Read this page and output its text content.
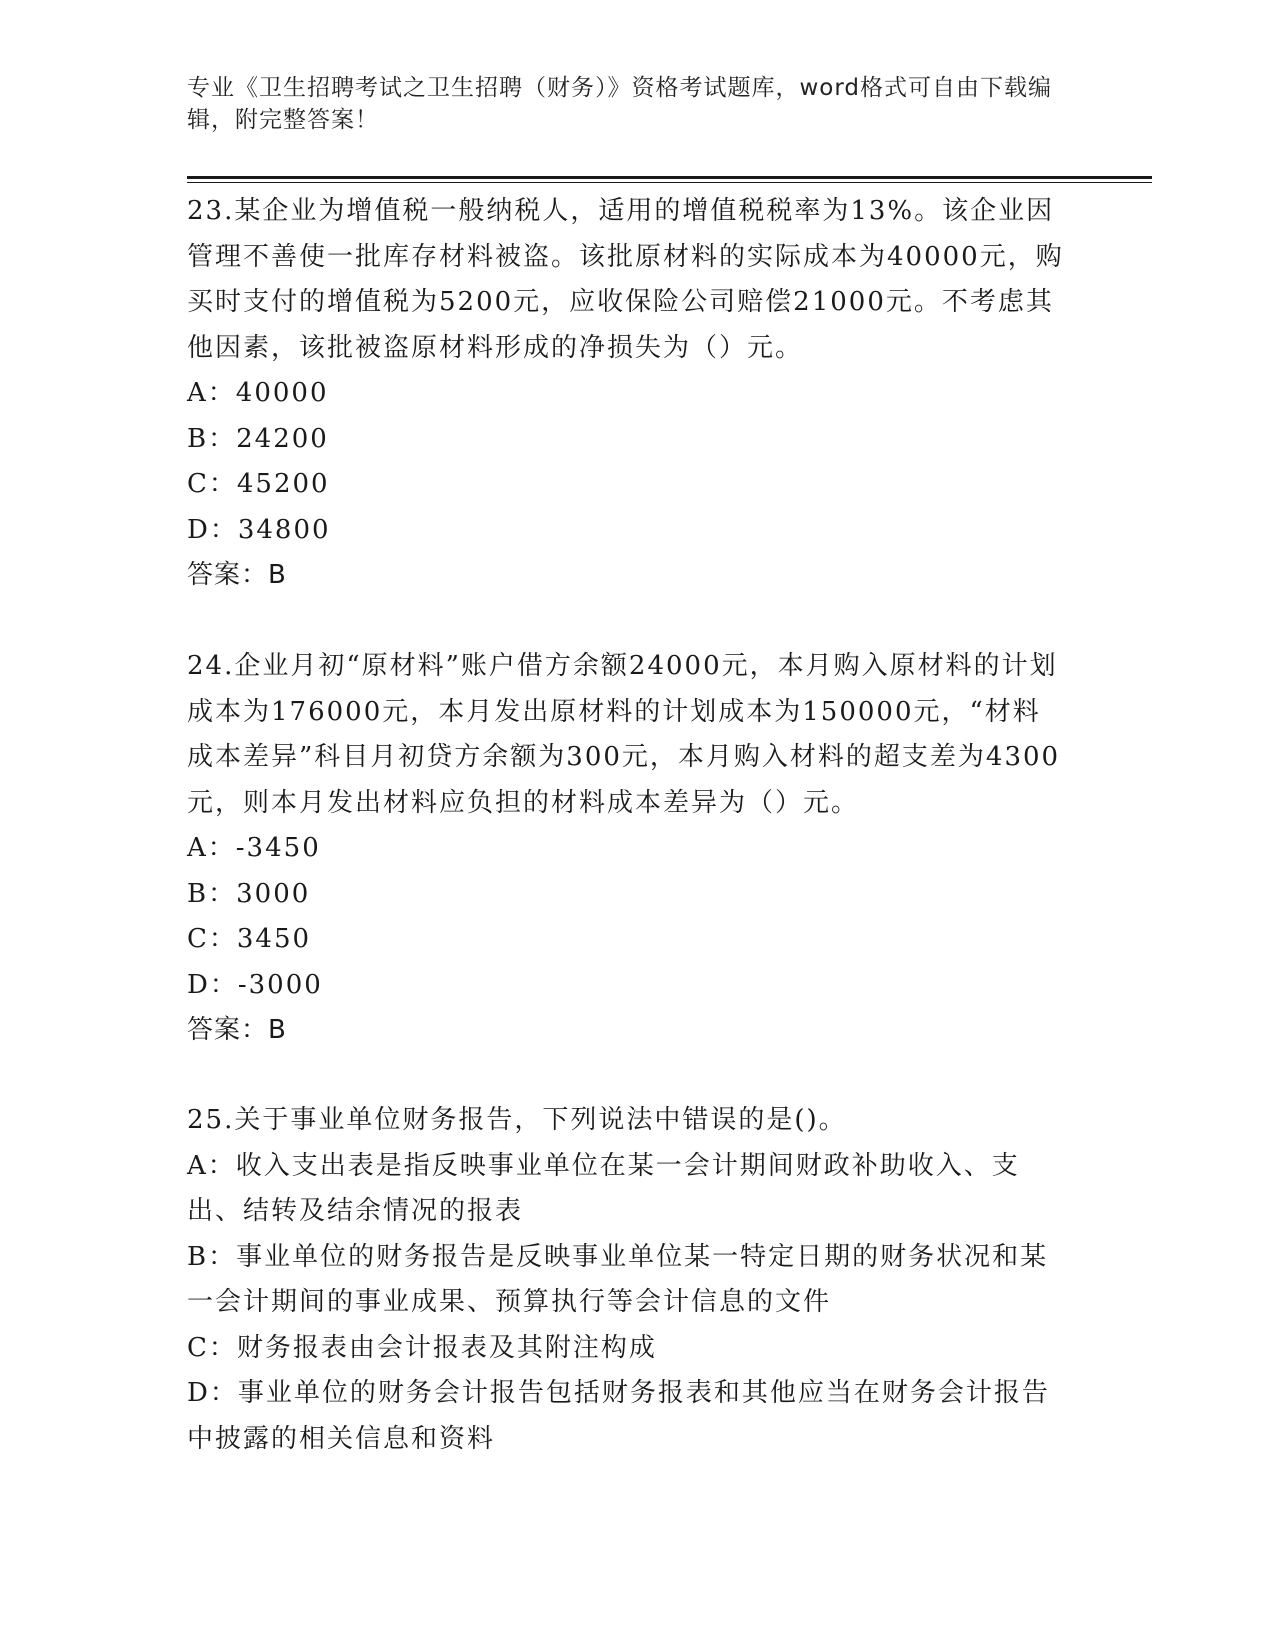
专业《卫生招聘考试之卫生招聘（财务）》资格考试题库，word格式可自由下载编辑，附完整答案！
23.某企业为增值税一般纳税人，适用的增值税税率为13%。该企业因管理不善使一批库存材料被盗。该批原材料的实际成本为40000元，购买时支付的增值税为5200元，应收保险公司赔偿21000元。不考虑其他因素，该批被盗原材料形成的净损失为（）元。
A：40000
B：24200
C：45200
D：34800
答案：B
24.企业月初“原材料”账户借方余额24000元，本月购入原材料的计划成本为176000元，本月发出原材料的计划成本为150000元，“材料成本差异”科目月初贷方余额为300元，本月购入材料的超支差为4300元，则本月发出材料应负担的材料成本差异为（）元。
A：-3450
B：3000
C：3450
D：-3000
答案：B
25.关于事业单位财务报告，下列说法中错误的是()。
A：收入支出表是指反映事业单位在某一会计期间财政补助收入、支出、结转及结余情况的报表
B：事业单位的财务报告是反映事业单位某一特定日期的财务状况和某一会计期间的事业成果、预算执行等会计信息的文件
C：财务报表由会计报表及其附注构成
D：事业单位的财务会计报告包括财务报表和其他应当在财务会计报告中披露的相关信息和资料
